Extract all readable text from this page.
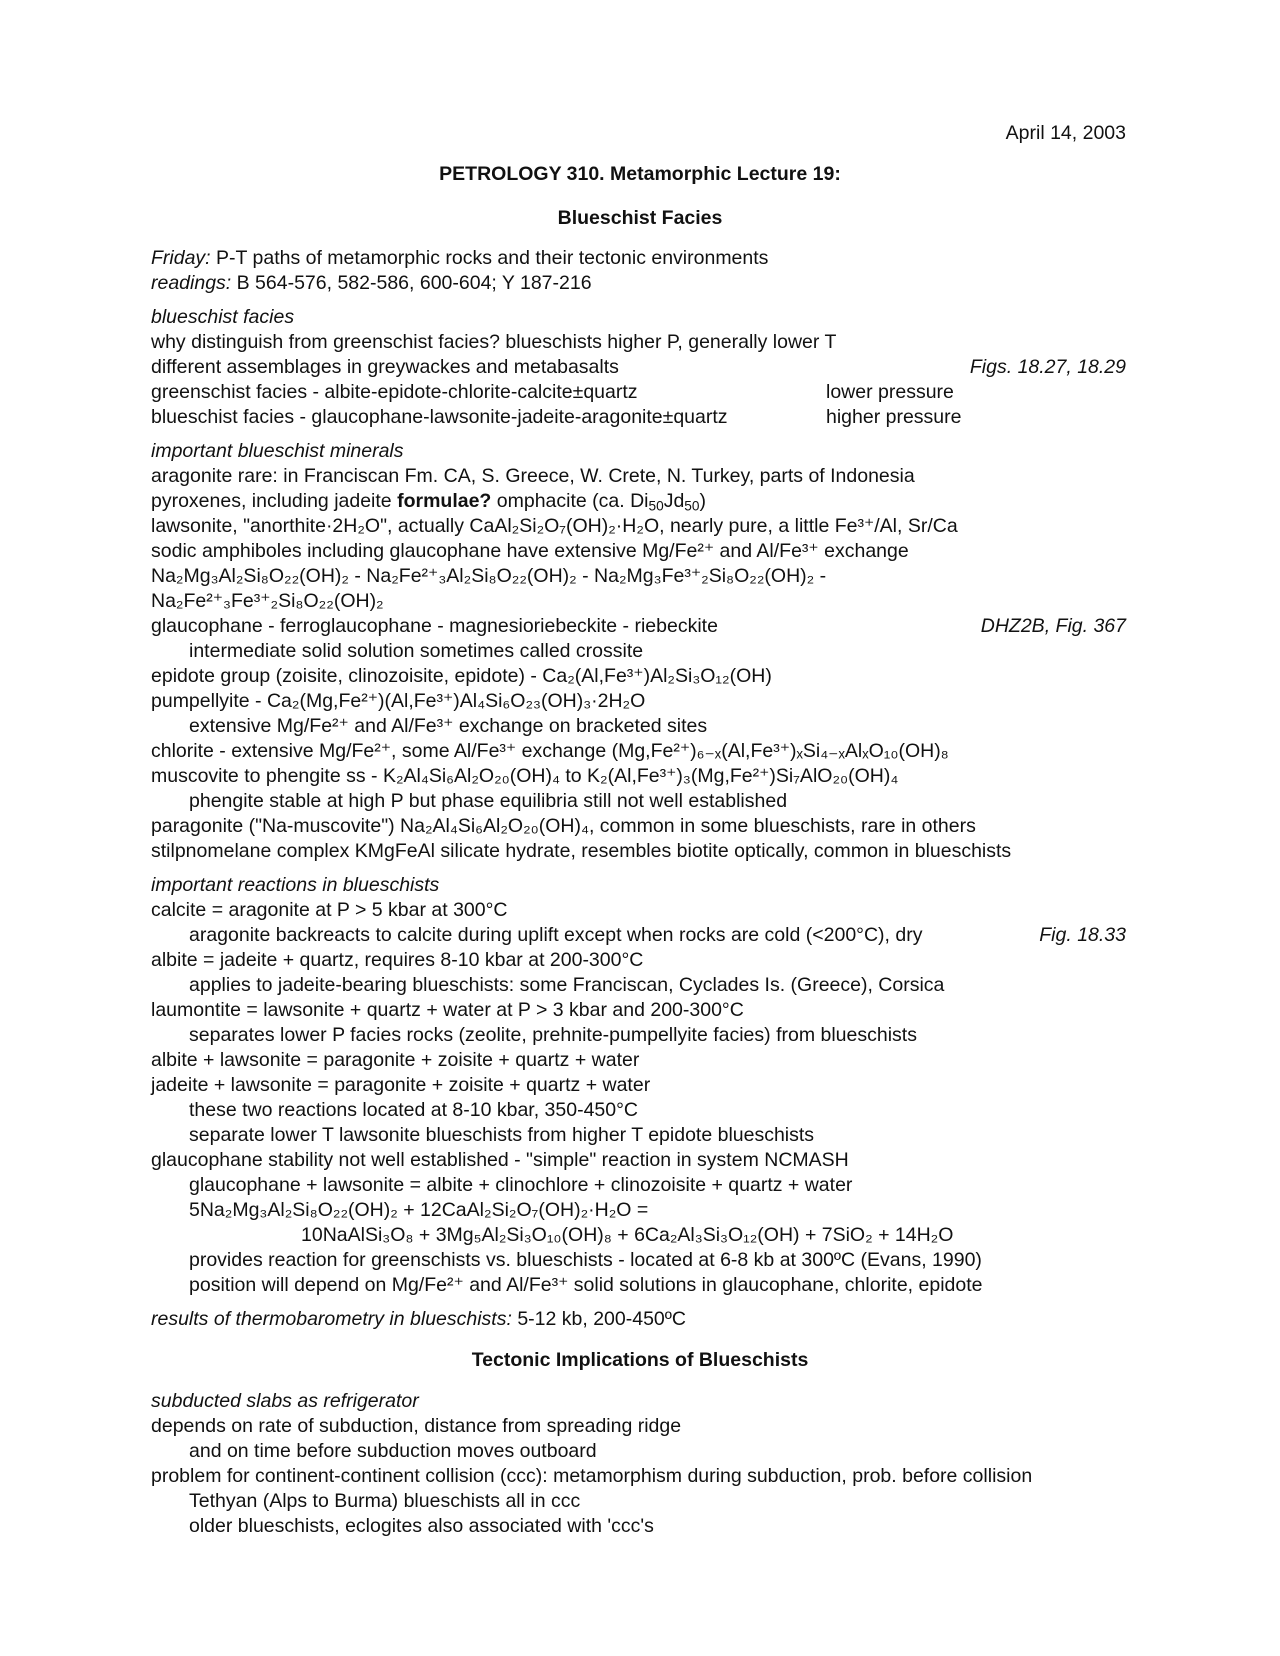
April 14, 2003
PETROLOGY 310. Metamorphic Lecture 19:
Blueschist Facies
Friday: P-T paths of metamorphic rocks and their tectonic environments
readings: B 564-576, 582-586, 600-604; Y 187-216
blueschist facies
why distinguish from greenschist facies? blueschists higher P, generally lower T
different assemblages in greywackes and metabasalts	Figs. 18.27, 18.29
greenschist facies - albite-epidote-chlorite-calcite±quartz	lower pressure
blueschist facies - glaucophane-lawsonite-jadeite-aragonite±quartz	higher pressure
important blueschist minerals
aragonite rare: in Franciscan Fm. CA, S. Greece, W. Crete, N. Turkey, parts of Indonesia
pyroxenes, including jadeite formulae? omphacite (ca. $Di_{50}Jd_{50}$)
lawsonite, "anorthite·2H₂O", actually CaAl₂Si₂O₇(OH)₂·H₂O, nearly pure, a little Fe³⁺/Al, Sr/Ca
sodic amphiboles including glaucophane have extensive Mg/Fe²⁺ and Al/Fe³⁺ exchange
Na₂Mg₃Al₂Si₈O₂₂(OH)₂ - Na₂Fe²⁺₃Al₂Si₈O₂₂(OH)₂ - Na₂Mg₃Fe³⁺₂Si₈O₂₂(OH)₂ -
Na₂Fe²⁺₃Fe³⁺₂Si₈O₂₂(OH)₂
glaucophane - ferroglaucophane - magnesioriebeckite - riebeckite	DHZ2B, Fig. 367
intermediate solid solution sometimes called crossite
epidote group (zoisite, clinozoisite, epidote) - Ca₂(Al,Fe³⁺)Al₂Si₃O₁₂(OH)
pumpellyite - Ca₂(Mg,Fe²⁺)(Al,Fe³⁺)Al₄Si₆O₂₃(OH)₃·2H₂O
extensive Mg/Fe²⁺ and Al/Fe³⁺ exchange on bracketed sites
chlorite - extensive Mg/Fe²⁺, some Al/Fe³⁺ exchange (Mg,Fe²⁺)₆₋ₓ(Al,Fe³⁺)ₓSi₄₋ₓAlₓO₁₀(OH)₈
muscovite to phengite ss - K₂Al₄Si₆Al₂O₂₀(OH)₄ to K₂(Al,Fe³⁺)₃(Mg,Fe²⁺)Si₇AlO₂₀(OH)₄
phengite stable at high P but phase equilibria still not well established
paragonite ("Na-muscovite") Na₂Al₄Si₆Al₂O₂₀(OH)₄, common in some blueschists, rare in others
stilpnomelane complex KMgFeAl silicate hydrate, resembles biotite optically, common in blueschists
important reactions in blueschists
calcite = aragonite at P > 5 kbar at 300°C
aragonite backreacts to calcite during uplift except when rocks are cold (<200°C), dry	Fig. 18.33
albite = jadeite + quartz, requires 8-10 kbar at 200-300°C
applies to jadeite-bearing blueschists: some Franciscan, Cyclades Is. (Greece), Corsica
laumontite = lawsonite + quartz + water at P > 3 kbar and 200-300°C
separates lower P facies rocks (zeolite, prehnite-pumpellyite facies) from blueschists
albite + lawsonite = paragonite + zoisite + quartz + water
jadeite + lawsonite = paragonite + zoisite + quartz + water
these two reactions located at 8-10 kbar, 350-450°C
separate lower T lawsonite blueschists from higher T epidote blueschists
glaucophane stability not well established - "simple" reaction in system NCMASH
glaucophane + lawsonite = albite + clinochlore + clinozoisite + quartz + water
5Na₂Mg₃Al₂Si₈O₂₂(OH)₂ + 12CaAl₂Si₂O₇(OH)₂·H₂O =
10NaAlSi₃O₈ + 3Mg₅Al₂Si₃O₁₀(OH)₈ + 6Ca₂Al₃Si₃O₁₂(OH) + 7SiO₂ + 14H₂O
provides reaction for greenschists vs. blueschists - located at 6-8 kb at 300ºC (Evans, 1990)
position will depend on Mg/Fe²⁺ and Al/Fe³⁺ solid solutions in glaucophane, chlorite, epidote
results of thermobarometry in blueschists: 5-12 kb, 200-450ºC
Tectonic Implications of Blueschists
subducted slabs as refrigerator
depends on rate of subduction, distance from spreading ridge
and on time before subduction moves outboard
problem for continent-continent collision (ccc): metamorphism during subduction, prob. before collision
Tethyan (Alps to Burma) blueschists all in ccc
older blueschists, eclogites also associated with 'ccc's
